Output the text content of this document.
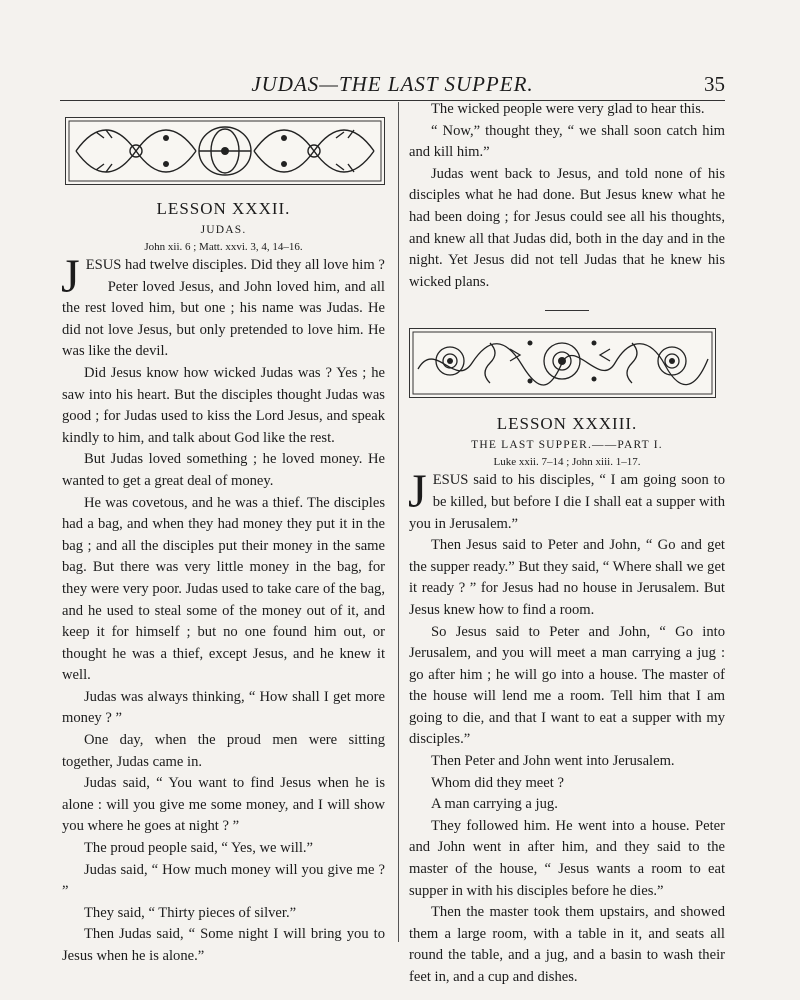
JUDAS—THE LAST SUPPER.	35

LESSON XXXII.

JUDAS.

John xii. 6 ; Matt. xxvi. 3, 4, 14–16.

JESUS had twelve disciples. Did they all love him ?

Peter loved Jesus, and John loved him, and all the rest loved him, but one ; his name was Judas. He did not love Jesus, but only pretended to love him. He was like the devil.

Did Jesus know how wicked Judas was ? Yes ; he saw into his heart. But the disciples thought Judas was good ; for Judas used to kiss the Lord Jesus, and speak kindly to him, and talk about God like the rest.

But Judas loved something ; he loved money. He wanted to get a great deal of money.

He was covetous, and he was a thief. The disciples had a bag, and when they had money they put it in the bag ; and all the disciples put their money in the same bag. But there was very little money in the bag, for they were very poor. Judas used to take care of the bag, and he used to steal some of the money out of it, and keep it for himself ; but no one found him out, or thought he was a thief, except Jesus, and he knew it well.

Judas was always thinking, “ How shall I get more money ? ”

One day, when the proud men were sitting together, Judas came in.

Judas said, “ You want to find Jesus when he is alone : will you give me some money, and I will show you where he goes at night ? ”

The proud people said, “ Yes, we will.”

Judas said, “ How much money will you give me ? ”

They said, “ Thirty pieces of silver.”

Then Judas said, “ Some night I will bring you to Jesus when he is alone.”

The wicked people were very glad to hear this.

“ Now,” thought they, “ we shall soon catch him and kill him.”

Judas went back to Jesus, and told none of his disciples what he had done. But Jesus knew what he had been doing ; for Jesus could see all his thoughts, and knew all that Judas did, both in the day and in the night. Yet Jesus did not tell Judas that he knew his wicked plans.

LESSON XXXIII.

THE LAST SUPPER.——PART I.

Luke xxii. 7–14 ; John xiii. 1–17.

JESUS said to his disciples, “ I am going soon to be killed, but before I die I shall eat a supper with you in Jerusalem.”

Then Jesus said to Peter and John, “ Go and get the supper ready.” But they said, “ Where shall we get it ready ? ” for Jesus had no house in Jerusalem. But Jesus knew how to find a room.

So Jesus said to Peter and John, “ Go into Jerusalem, and you will meet a man carrying a jug : go after him ; he will go into a house. The master of the house will lend me a room. Tell him that I am going to die, and that I want to eat a supper with my disciples.”

Then Peter and John went into Jerusalem.

Whom did they meet ?

A man carrying a jug.

They followed him. He went into a house. Peter and John went in after him, and they said to the master of the house, “ Jesus wants a room to eat supper in with his disciples before he dies.”

Then the master took them upstairs, and showed them a large room, with a table in it, and seats all round the table, and a jug, and a basin to wash their feet in, and a cup and dishes.
